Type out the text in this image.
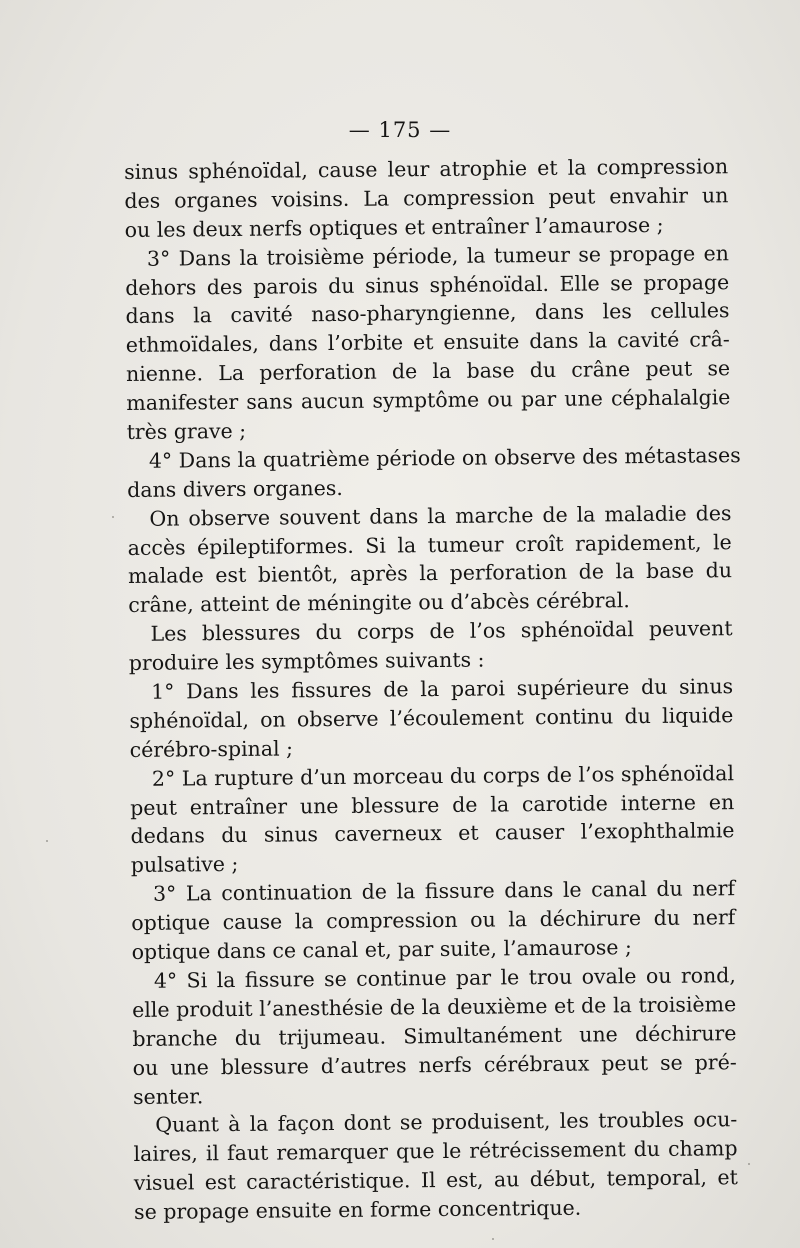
— 175 —
sinus sphénoïdal, cause leur atrophie et la compression
des organes voisins. La compression peut envahir un
ou les deux nerfs optiques et entraîner l’amaurose ;
3° Dans la troisième période, la tumeur se propage en
dehors des parois du sinus sphénoïdal. Elle se propage
dans la cavité naso-pharyngienne, dans les cellules
ethmoïdales, dans l’orbite et ensuite dans la cavité crâ-
nienne. La perforation de la base du crâne peut se
manifester sans aucun symptôme ou par une céphalalgie
très grave ;
4° Dans la quatrième période on observe des métastases
dans divers organes.
On observe souvent dans la marche de la maladie des
accès épileptiformes. Si la tumeur croît rapidement, le
malade est bientôt, après la perforation de la base du
crâne, atteint de méningite ou d’abcès cérébral.
Les blessures du corps de l’os sphénoïdal peuvent
produire les symptômes suivants :
1° Dans les fissures de la paroi supérieure du sinus
sphénoïdal, on observe l’écoulement continu du liquide
cérébro-spinal ;
2° La rupture d’un morceau du corps de l’os sphénoïdal
peut entraîner une blessure de la carotide interne en
dedans du sinus caverneux et causer l’exophthalmie
pulsative ;
3° La continuation de la fissure dans le canal du nerf
optique cause la compression ou la déchirure du nerf
optique dans ce canal et, par suite, l’amaurose ;
4° Si la fissure se continue par le trou ovale ou rond,
elle produit l’anesthésie de la deuxième et de la troisième
branche du trijumeau. Simultanément une déchirure
ou une blessure d’autres nerfs cérébraux peut se pré-
senter.
Quant à la façon dont se produisent, les troubles ocu-
laires, il faut remarquer que le rétrécissement du champ
visuel est caractéristique. Il est, au début, temporal, et
se propage ensuite en forme concentrique.
